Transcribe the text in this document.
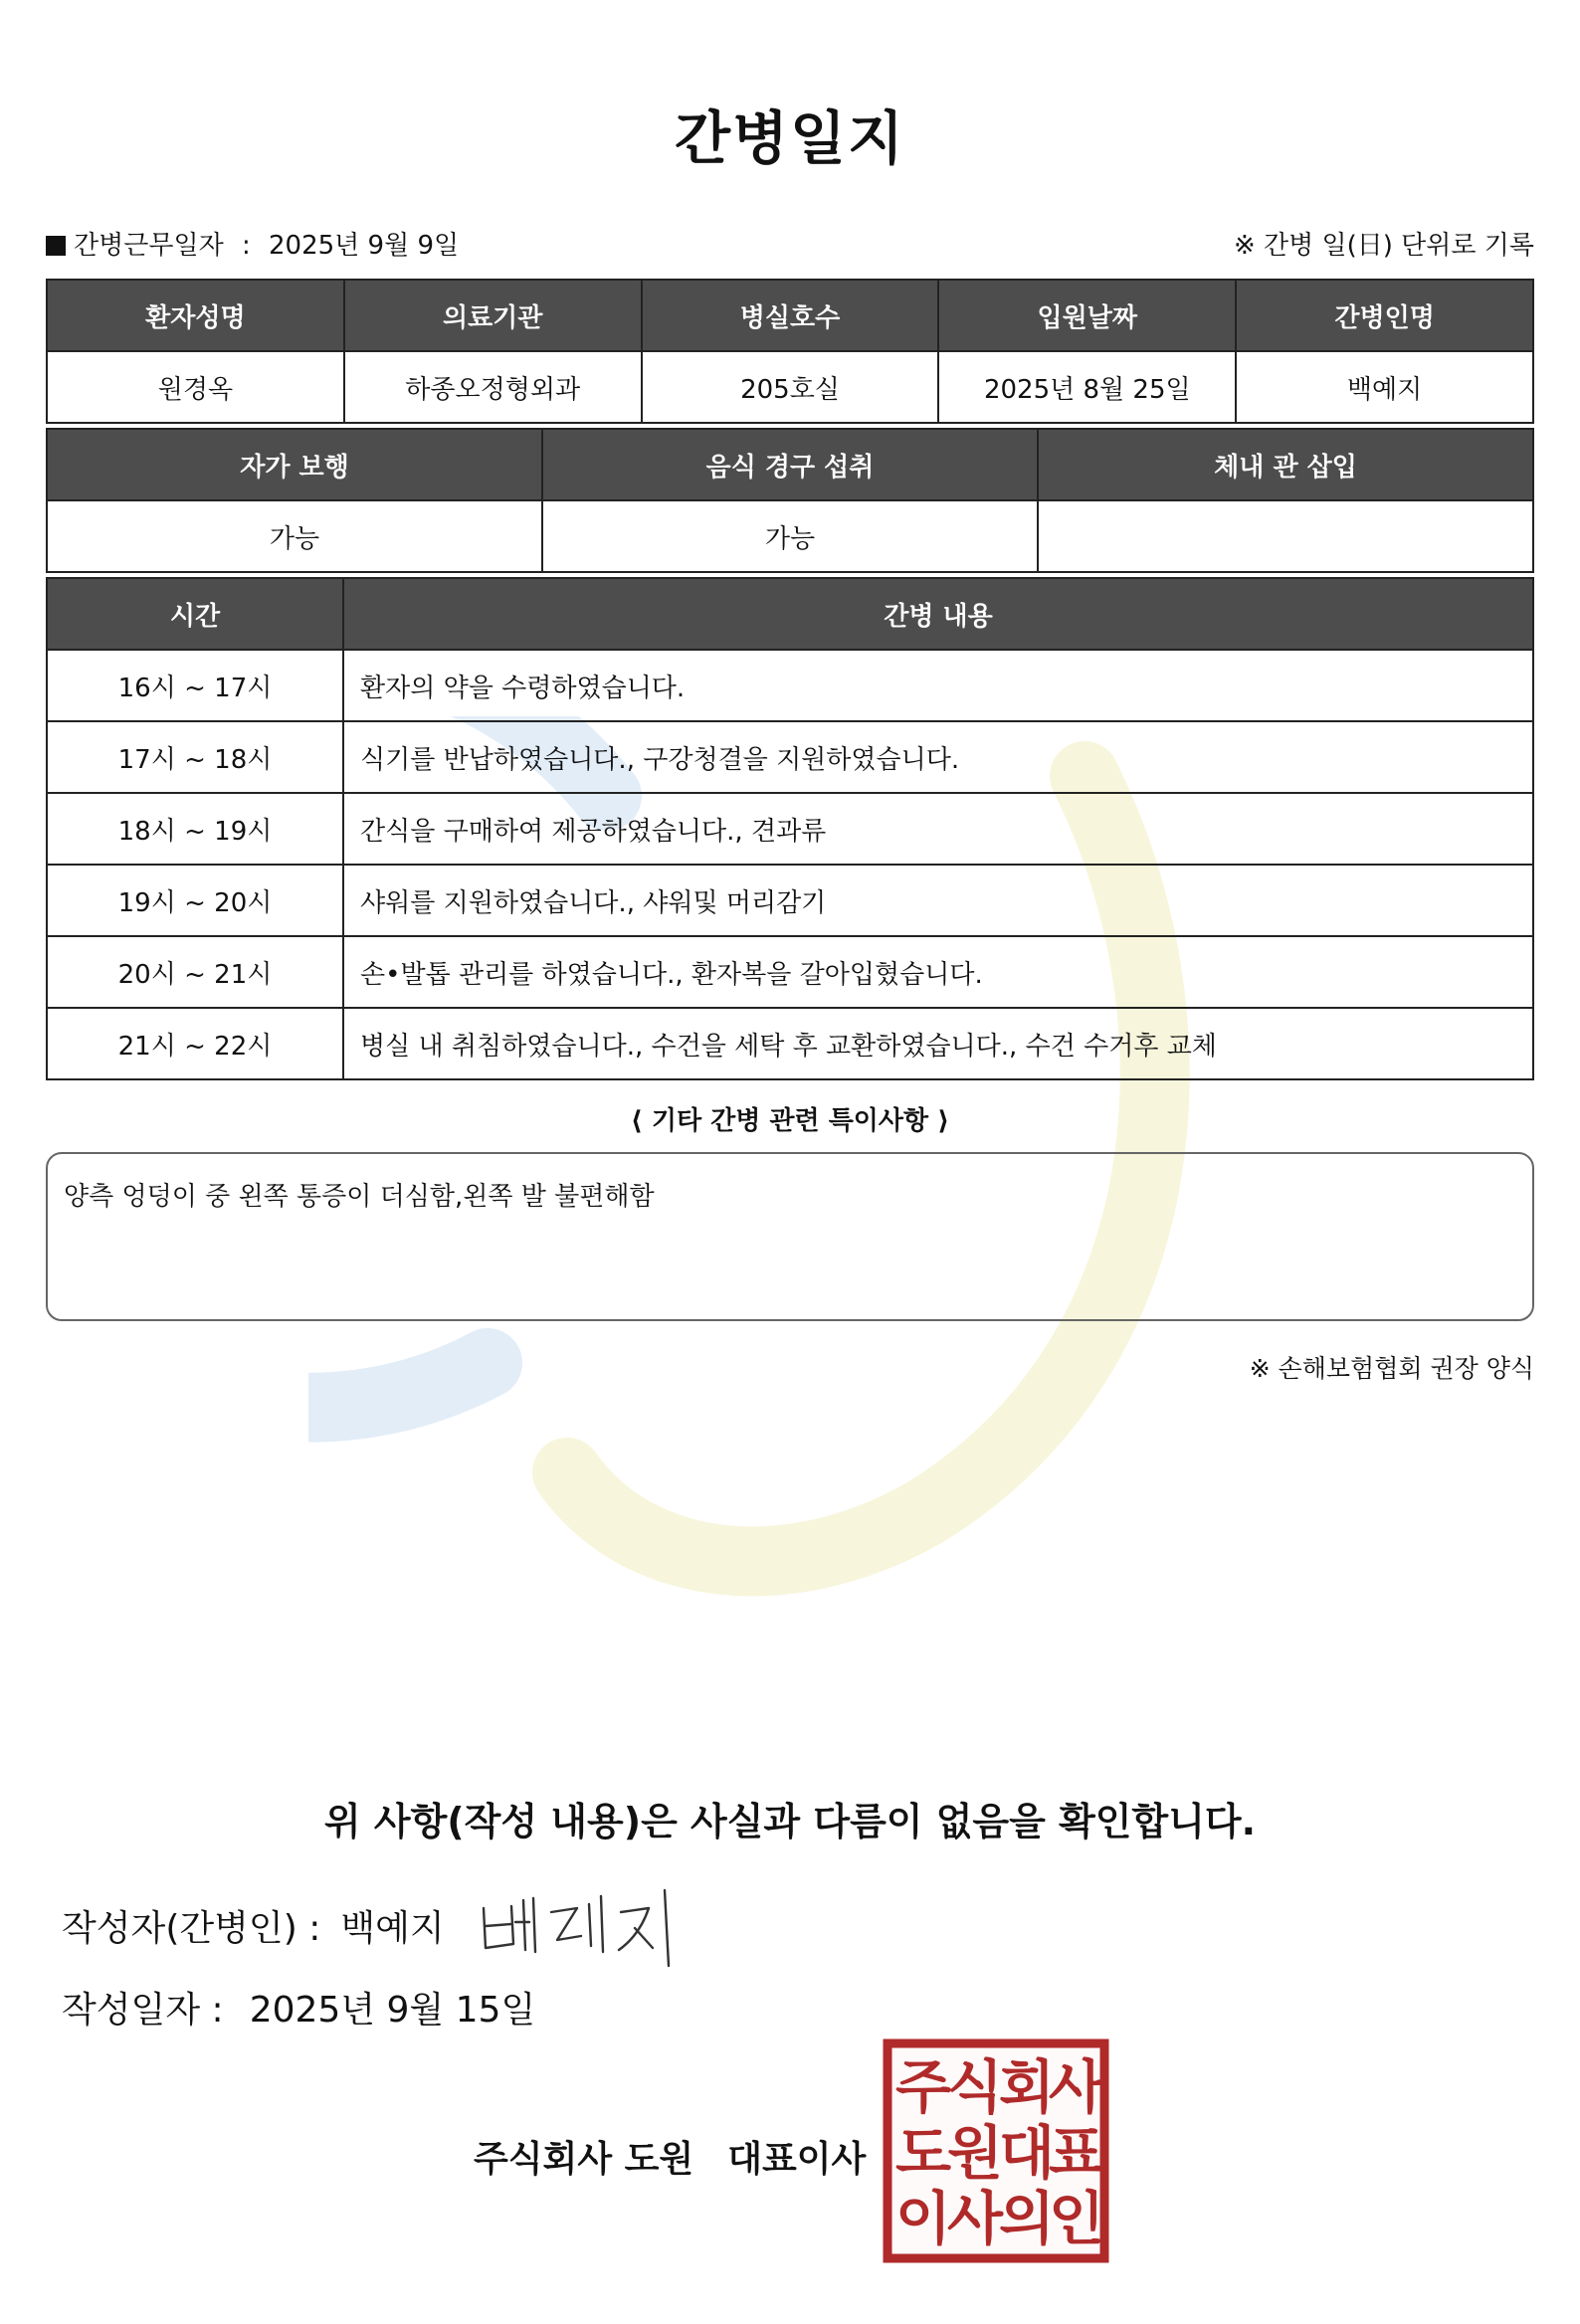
간병일지
간병근무일자 : 2025년 9월 9일	※ 간병 일(日) 단위로 기록
환자성명	의료기관	병실호수	입원날짜	간병인명
원경옥	하종오정형외과	205호실	2025년 8월 25일	백예지
자가 보행	음식 경구 섭취	체내 관 삽입
가능	가능	
시간	간병 내용
16시 ~ 17시	환자의 약을 수령하였습니다.
17시 ~ 18시	식기를 반납하였습니다., 구강청결을 지원하였습니다.
18시 ~ 19시	간식을 구매하여 제공하였습니다., 견과류
19시 ~ 20시	샤워를 지원하였습니다., 샤워및 머리감기
20시 ~ 21시	손•발톱 관리를 하였습니다., 환자복을 갈아입혔습니다.
21시 ~ 22시	병실 내 취침하였습니다., 수건을 세탁 후 교환하였습니다., 수건 수거후 교체
⟨ 기타 간병 관련 특이사항 ⟩
양측 엉덩이 중 왼쪽 통증이 더심함,왼쪽 발 불편해함
※ 손해보험협회 권장 양식
위 사항(작성 내용)은 사실과 다름이 없음을 확인합니다.
작성자(간병인) : 백예지
작성일자 : 2025년 9월 15일
주식회사 도원 대표이사
주
식
회
사
도
원
대
표
이
사
의
인
